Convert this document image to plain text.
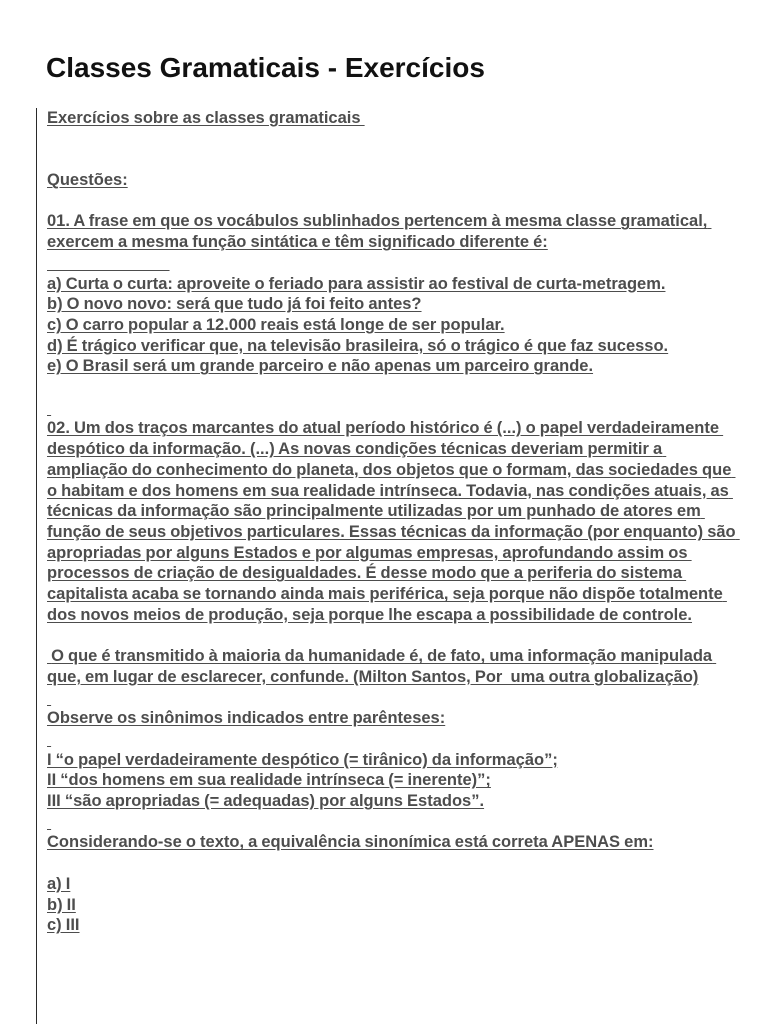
Classes Gramaticais - Exercícios

Exercícios sobre as classes gramaticais

Questões:

01. A frase em que os vocábulos sublinhados pertencem à mesma classe gramatical, exercem a mesma função sintática e têm significado diferente é:

a) Curta o curta: aproveite o feriado para assistir ao festival de curta-metragem.

b) O novo novo: será que tudo já foi feito antes?

c) O carro popular a 12.000 reais está longe de ser popular.

d) É trágico verificar que, na televisão brasileira, só o trágico é que faz sucesso.

e) O Brasil será um grande parceiro e não apenas um parceiro grande.

02. Um dos traços marcantes do atual período histórico é (...) o papel verdadeiramente despótico da informação. (...) As novas condições técnicas deveriam permitir a ampliação do conhecimento do planeta, dos objetos que o formam, das sociedades que o habitam e dos homens em sua realidade intrínseca. Todavia, nas condições atuais, as técnicas da informação são principalmente utilizadas por um punhado de atores em função de seus objetivos particulares. Essas técnicas da informação (por enquanto) são apropriadas por alguns Estados e por algumas empresas, aprofundando assim os processos de criação de desigualdades. É desse modo que a periferia do sistema capitalista acaba se tornando ainda mais periférica, seja porque não dispõe totalmente dos novos meios de produção, seja porque lhe escapa a possibilidade de controle.

O que é transmitido à maioria da humanidade é, de fato, uma informação manipulada que, em lugar de esclarecer, confunde. (Milton Santos, Por  uma outra globalização)

Observe os sinônimos indicados entre parênteses:

I “o papel verdadeiramente despótico (= tirânico) da informação”;

II “dos homens em sua realidade intrínseca (= inerente)”;

III “são apropriadas (= adequadas) por alguns Estados”.

Considerando-se o texto, a equivalência sinonímica está correta APENAS em:

a) I

b) II

c) III
